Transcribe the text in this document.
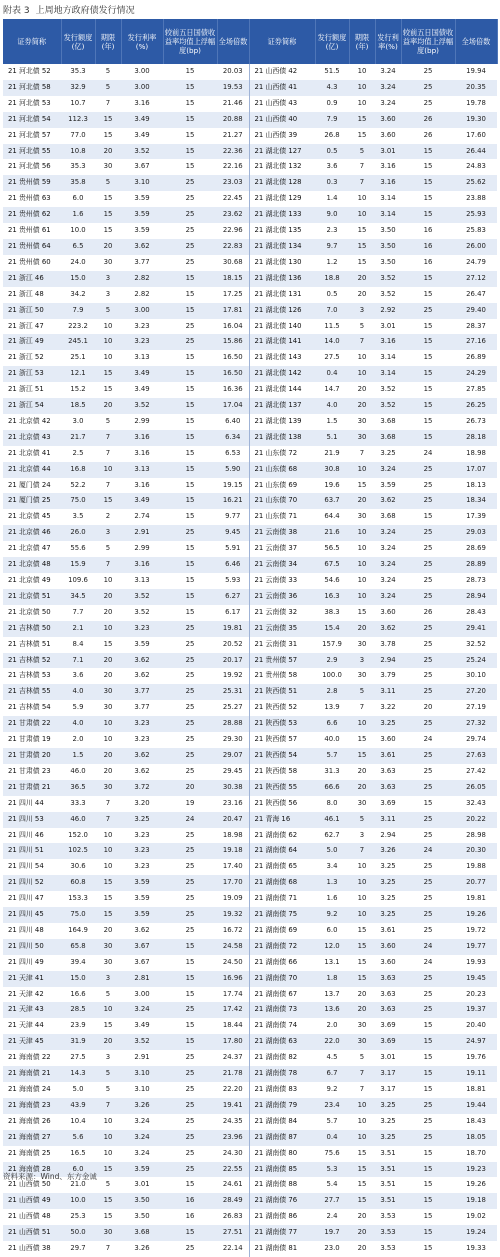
附表 3 上周地方政府债发行情况
证券简称	发行额度(亿)	期限(年)	发行利率(%)	较前五日国债收益率均值上浮幅度(bp)	全场倍数	证券简称	发行额度(亿)	期限(年)	发行利率(%)	较前五日国债收益率均值上浮幅度(bp)	全场倍数
21 河北债 52	35.3	5	3.00	15	20.03	21 山西债 42	51.5	10	3.24	25	19.94
21 河北债 58	32.9	5	3.00	15	19.53	21 山西债 41	4.3	10	3.24	25	20.35
21 河北债 53	10.7	7	3.16	15	21.46	21 山西债 43	0.9	10	3.24	25	19.78
21 河北债 54	112.3	15	3.49	15	20.88	21 山西债 40	7.9	15	3.60	26	19.30
21 河北债 57	77.0	15	3.49	15	21.27	21 山西债 39	26.8	15	3.60	26	17.60
21 河北债 55	10.8	20	3.52	15	22.36	21 湖北债 127	0.5	5	3.01	15	26.44
21 河北债 56	35.3	30	3.67	15	22.16	21 湖北债 132	3.6	7	3.16	15	24.83
21 贵州债 59	35.8	5	3.10	25	23.03	21 湖北债 128	0.3	7	3.16	15	25.62
21 贵州债 63	6.0	15	3.59	25	22.45	21 湖北债 129	1.4	10	3.14	15	23.88
21 贵州债 62	1.6	15	3.59	25	23.62	21 湖北债 133	9.0	10	3.14	15	25.93
21 贵州债 61	10.0	15	3.59	25	22.96	21 湖北债 135	2.3	15	3.50	16	25.83
21 贵州债 64	6.5	20	3.62	25	22.83	21 湖北债 134	9.7	15	3.50	16	26.00
21 贵州债 60	24.0	30	3.77	25	30.68	21 湖北债 130	1.2	15	3.50	16	24.79
21 浙江 46	15.0	3	2.82	15	18.15	21 湖北债 136	18.8	20	3.52	15	27.12
21 浙江 48	34.2	3	2.82	15	17.25	21 湖北债 131	0.5	20	3.52	15	26.47
21 浙江 50	7.9	5	3.00	15	17.81	21 湖北债 126	7.0	3	2.92	25	29.40
21 浙江 47	223.2	10	3.23	25	16.04	21 湖北债 140	11.5	5	3.01	15	28.37
21 浙江 49	245.1	10	3.23	25	15.86	21 湖北债 141	14.0	7	3.16	15	27.16
21 浙江 52	25.1	10	3.13	15	16.50	21 湖北债 143	27.5	10	3.14	15	26.89
21 浙江 53	12.1	15	3.49	15	16.50	21 湖北债 142	0.4	10	3.14	15	24.29
21 浙江 51	15.2	15	3.49	15	16.36	21 湖北债 144	14.7	20	3.52	15	27.85
21 浙江 54	18.5	20	3.52	15	17.04	21 湖北债 137	4.0	20	3.52	15	26.25
21 北京债 42	3.0	5	2.99	15	6.40	21 湖北债 139	1.5	30	3.68	15	26.73
21 北京债 43	21.7	7	3.16	15	6.34	21 湖北债 138	5.1	30	3.68	15	28.18
21 北京债 41	2.5	7	3.16	15	6.53	21 山东债 72	21.9	7	3.25	24	18.98
21 北京债 44	16.8	10	3.13	15	5.90	21 山东债 68	30.8	10	3.24	25	17.07
21 厦门债 24	52.2	7	3.16	15	19.15	21 山东债 69	19.6	15	3.59	25	18.13
21 厦门债 25	75.0	15	3.49	15	16.21	21 山东债 70	63.7	20	3.62	25	18.34
21 北京债 45	3.5	2	2.74	15	9.77	21 山东债 71	64.4	30	3.68	15	17.39
21 北京债 46	26.0	3	2.91	25	9.45	21 云南债 38	21.6	10	3.24	25	29.03
21 北京债 47	55.6	5	2.99	15	5.91	21 云南债 37	56.5	10	3.24	25	28.69
21 北京债 48	15.9	7	3.16	15	6.46	21 云南债 34	67.5	10	3.24	25	28.89
21 北京债 49	109.6	10	3.13	15	5.93	21 云南债 33	54.6	10	3.24	25	28.73
21 北京债 51	34.5	20	3.52	15	6.27	21 云南债 36	16.3	10	3.24	25	28.94
21 北京债 50	7.7	20	3.52	15	6.17	21 云南债 32	38.3	15	3.60	26	28.43
21 吉林债 50	2.1	10	3.23	25	19.81	21 云南债 35	15.4	20	3.62	25	29.41
21 吉林债 51	8.4	15	3.59	25	20.52	21 云南债 31	157.9	30	3.78	25	32.52
21 吉林债 52	7.1	20	3.62	25	20.17	21 贵州债 57	2.9	3	2.94	25	25.24
21 吉林债 53	3.6	20	3.62	25	19.92	21 贵州债 58	100.0	30	3.79	25	30.10
21 吉林债 55	4.0	30	3.77	25	25.31	21 陕西债 51	2.8	5	3.11	25	27.20
21 吉林债 54	5.9	30	3.77	25	25.27	21 陕西债 52	13.9	7	3.22	20	27.19
21 甘肃债 22	4.0	10	3.23	25	28.88	21 陕西债 53	6.6	10	3.25	25	27.32
21 甘肃债 19	2.0	10	3.23	25	29.30	21 陕西债 57	40.0	15	3.60	24	29.74
21 甘肃债 20	1.5	20	3.62	25	29.07	21 陕西债 54	5.7	15	3.61	25	27.63
21 甘肃债 23	46.0	20	3.62	25	29.45	21 陕西债 58	31.3	20	3.63	25	27.42
21 甘肃债 21	36.5	30	3.72	20	30.38	21 陕西债 55	66.6	20	3.63	25	26.05
21 四川 44	33.3	7	3.20	19	23.16	21 陕西债 56	8.0	30	3.69	15	32.43
21 四川 53	46.0	7	3.25	24	20.47	21 青海 16	46.1	5	3.11	25	20.22
21 四川 46	152.0	10	3.23	25	18.98	21 湖南债 62	62.7	3	2.94	25	28.98
21 四川 51	102.5	10	3.23	25	19.18	21 湖南债 64	5.0	7	3.26	24	20.30
21 四川 54	30.6	10	3.23	25	17.40	21 湖南债 65	3.4	10	3.25	25	19.88
21 四川 52	60.8	15	3.59	25	17.70	21 湖南债 68	1.3	10	3.25	25	20.77
21 四川 47	153.3	15	3.59	25	19.09	21 湖南债 71	1.6	10	3.25	25	19.81
21 四川 45	75.0	15	3.59	25	19.32	21 湖南债 75	9.2	10	3.25	25	19.26
21 四川 48	164.9	20	3.62	25	16.72	21 湖南债 69	6.0	15	3.61	25	19.72
21 四川 50	65.8	30	3.67	15	24.58	21 湖南债 72	12.0	15	3.60	24	19.77
21 四川 49	39.4	30	3.67	15	24.50	21 湖南债 66	13.1	15	3.60	24	19.93
21 天津 41	15.0	3	2.81	15	16.96	21 湖南债 70	1.8	15	3.63	25	19.45
21 天津 42	16.6	5	3.00	15	17.74	21 湖南债 67	13.7	20	3.63	25	20.23
21 天津 43	28.5	10	3.24	25	17.42	21 湖南债 73	13.6	20	3.63	25	19.37
21 天津 44	23.9	15	3.49	15	18.44	21 湖南债 74	2.0	30	3.69	15	20.40
21 天津 45	31.9	20	3.52	15	17.80	21 湖南债 63	22.0	30	3.69	15	24.97
21 海南债 22	27.5	3	2.91	25	24.37	21 湖南债 82	4.5	5	3.01	15	19.76
21 海南债 21	14.3	5	3.10	25	21.78	21 湖南债 78	6.7	7	3.17	15	19.11
21 海南债 24	5.0	5	3.10	25	22.20	21 湖南债 83	9.2	7	3.17	15	18.81
21 海南债 23	43.9	7	3.26	25	19.41	21 湖南债 79	23.4	10	3.25	25	19.44
21 海南债 26	10.4	10	3.24	25	24.35	21 湖南债 84	5.7	10	3.25	25	18.43
21 海南债 27	5.6	10	3.24	25	23.96	21 湖南债 87	0.4	10	3.25	25	18.05
21 海南债 25	16.5	10	3.24	25	24.30	21 湖南债 80	75.6	15	3.51	15	18.70
21 海南债 28	6.0	15	3.59	25	22.55	21 湖南债 85	5.3	15	3.51	15	19.23
21 山西债 50	21.0	5	3.01	15	24.61	21 湖南债 88	5.4	15	3.51	15	19.26
21 山西债 49	10.0	15	3.50	16	28.49	21 湖南债 76	27.7	15	3.51	15	19.18
21 山西债 48	25.3	15	3.50	16	26.83	21 湖南债 86	2.4	20	3.53	15	19.02
21 山西债 51	50.0	30	3.68	15	27.51	21 湖南债 77	19.7	20	3.53	15	19.24
21 山西债 38	29.7	7	3.26	25	22.14	21 湖南债 81	23.0	20	3.53	15	19.33
资料来源：Wind、东方金诚
